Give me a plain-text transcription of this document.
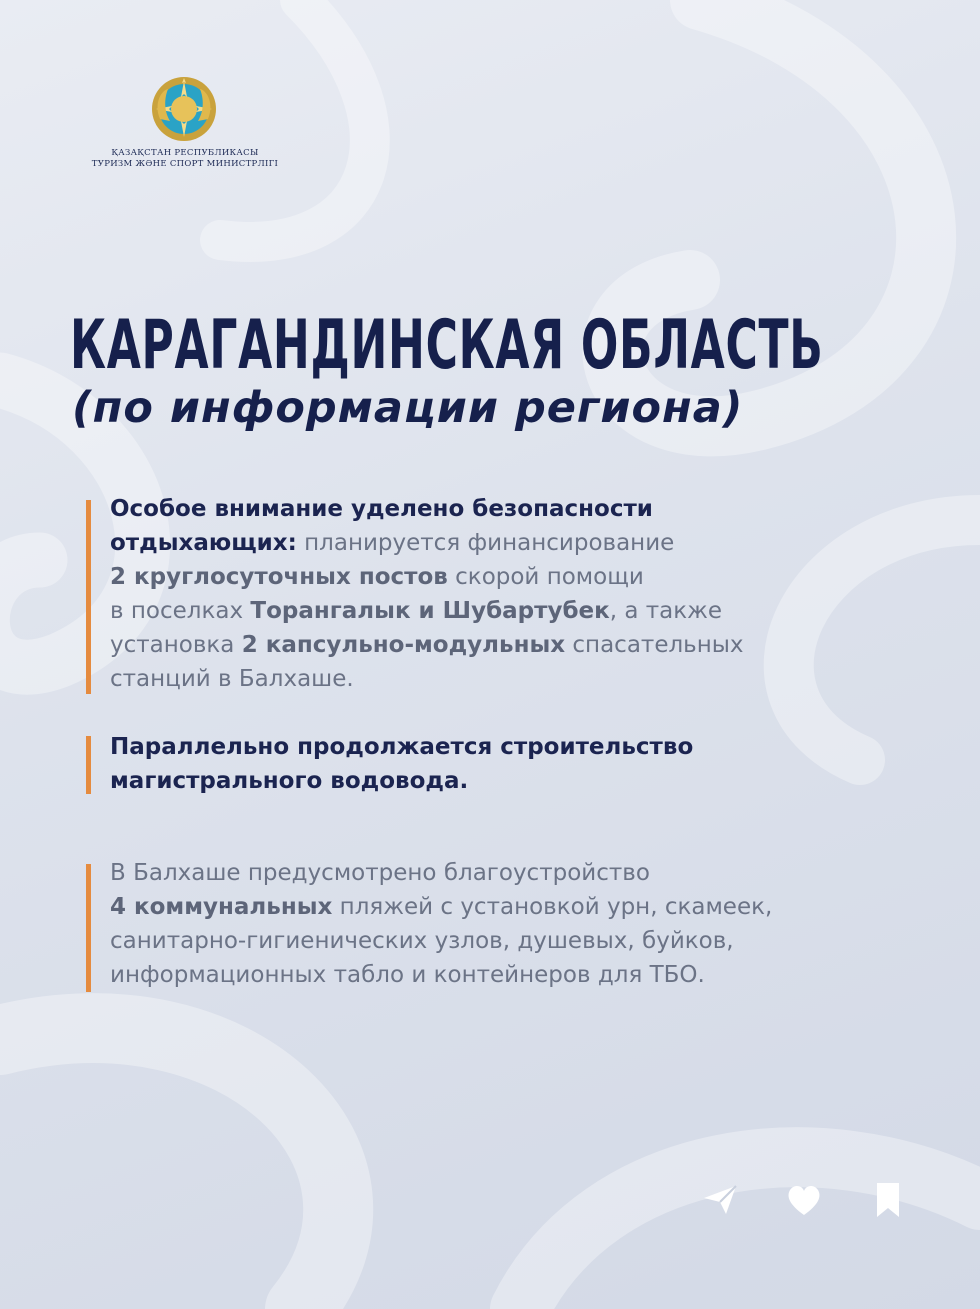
ҚАЗАҚСТАН РЕСПУБЛИКАСЫ
ТУРИЗМ ЖӘНЕ СПОРТ МИНИСТРЛІГІ
КАРАГАНДИНСКАЯ ОБЛАСТЬ
(по информации региона)
Особое внимание уделено безопасности
отдыхающих: планируется финансирование
2 круглосуточных постов скорой помощи
в поселках Торангалык и Шубартубек, а также
установка 2 капсульно-модульных спасательных
станций в Балхаше.
Параллельно продолжается строительство
магистрального водовода.
В Балхаше предусмотрено благоустройство
4 коммунальных пляжей с установкой урн, скамеек,
санитарно-гигиенических узлов, душевых, буйков,
информационных табло и контейнеров для ТБО.
